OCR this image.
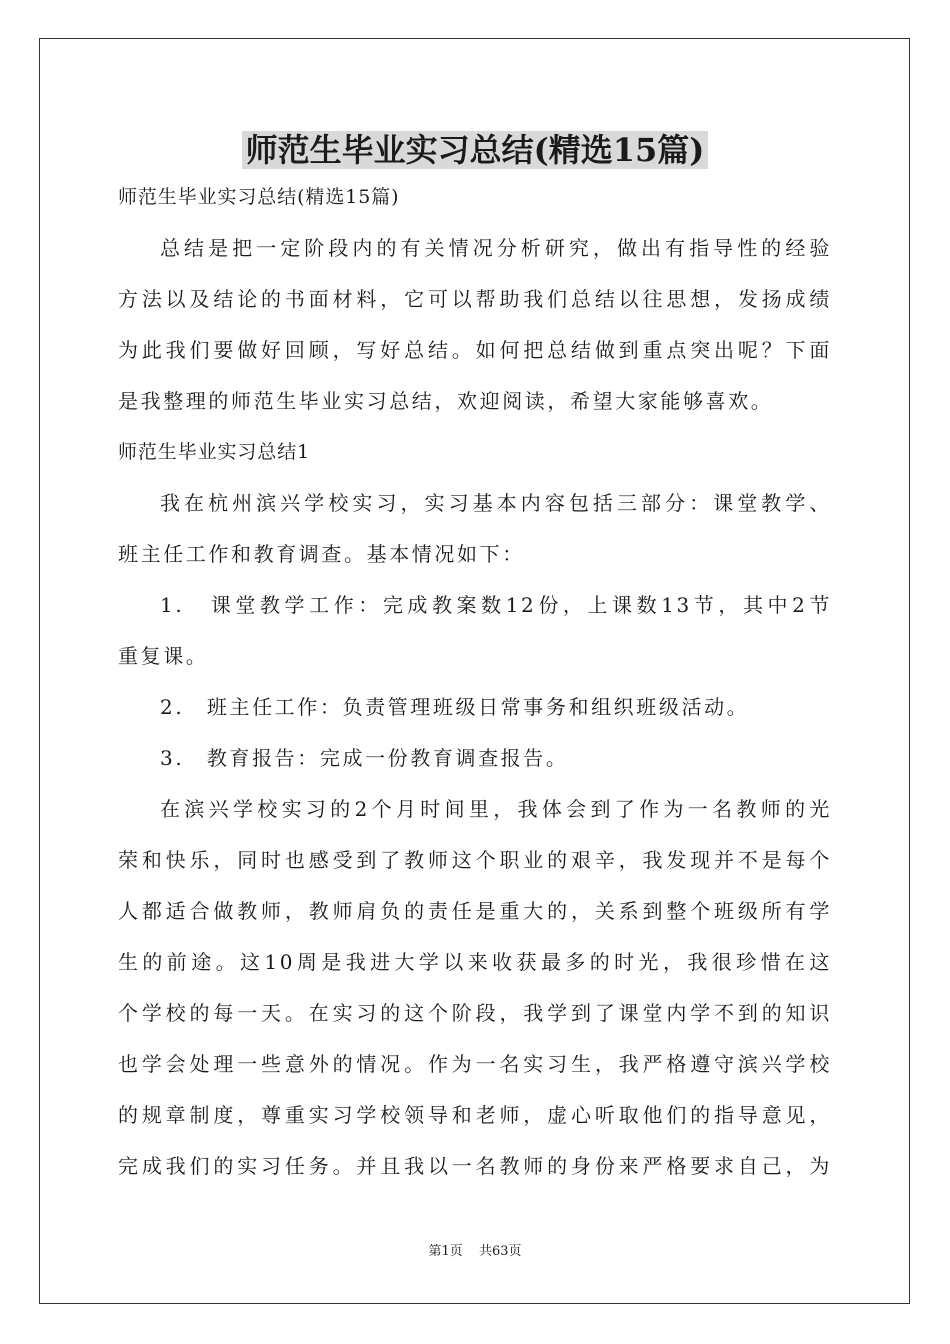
师范生毕业实习总结(精选15篇)
师范生毕业实习总结(精选15篇)
总结是把一定阶段内的有关情况分析研究，做出有指导性的经验
方法以及结论的书面材料，它可以帮助我们总结以往思想，发扬成绩
为此我们要做好回顾，写好总结。如何把总结做到重点突出呢？下面
是我整理的师范生毕业实习总结，欢迎阅读，希望大家能够喜欢。
师范生毕业实习总结1
我在杭州滨兴学校实习，实习基本内容包括三部分：课堂教学、
班主任工作和教育调查。基本情况如下：
1.　课堂教学工作：完成教案数12份，上课数13节，其中2节
重复课。
2.　班主任工作：负责管理班级日常事务和组织班级活动。
3.　教育报告：完成一份教育调查报告。
在滨兴学校实习的2个月时间里，我体会到了作为一名教师的光
荣和快乐，同时也感受到了教师这个职业的艰辛，我发现并不是每个
人都适合做教师，教师肩负的责任是重大的，关系到整个班级所有学
生的前途。这10周是我进大学以来收获最多的时光，我很珍惜在这
个学校的每一天。在实习的这个阶段，我学到了课堂内学不到的知识
也学会处理一些意外的情况。作为一名实习生，我严格遵守滨兴学校
的规章制度，尊重实习学校领导和老师，虚心听取他们的指导意见，
完成我们的实习任务。并且我以一名教师的身份来严格要求自己，为
第1页 共63页
